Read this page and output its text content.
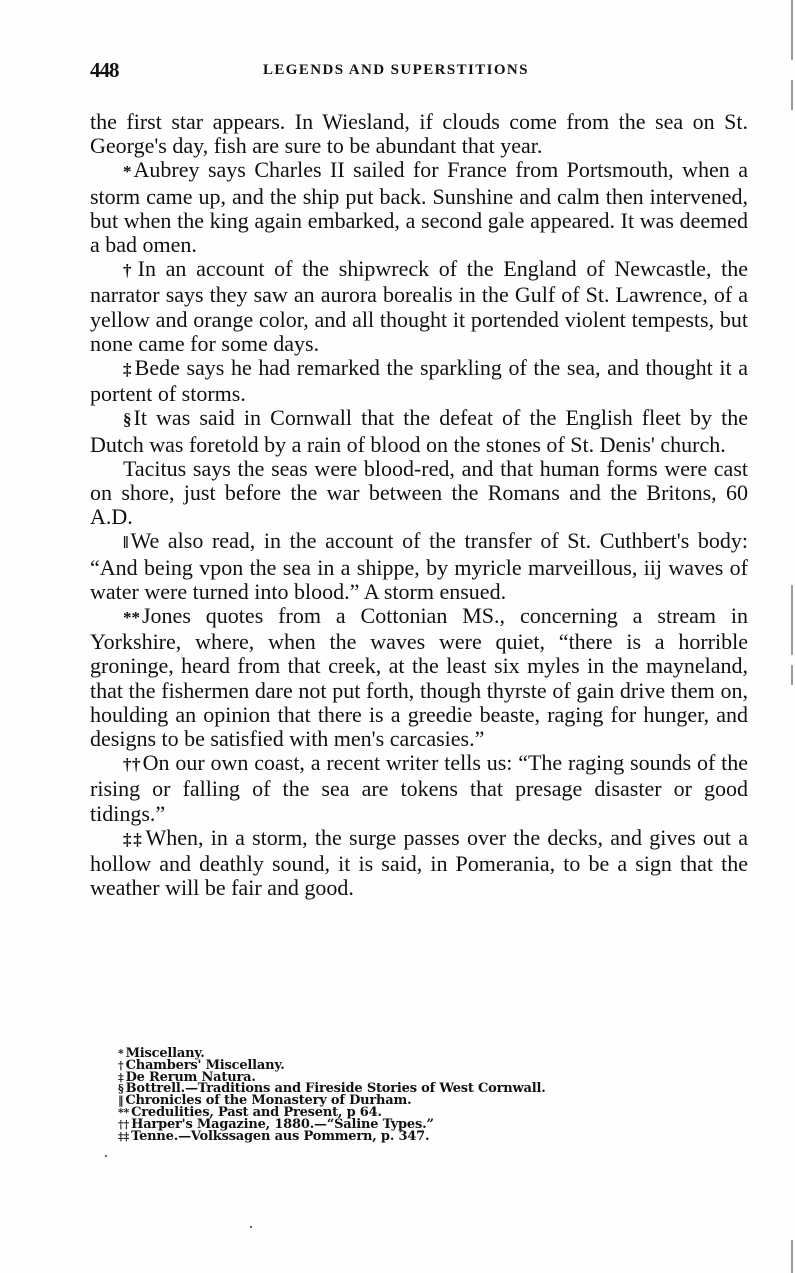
448	LEGENDS AND SUPERSTITIONS

the first star appears. In Wiesland, if clouds come from the sea on St. George's day, fish are sure to be abundant that year.

*Aubrey says Charles II sailed for France from Portsmouth, when a storm came up, and the ship put back. Sunshine and calm then intervened, but when the king again embarked, a second gale appeared. It was deemed a bad omen.

†In an account of the shipwreck of the England of Newcastle, the narrator says they saw an aurora borealis in the Gulf of St. Lawrence, of a yellow and orange color, and all thought it portended violent tempests, but none came for some days.

‡Bede says he had remarked the sparkling of the sea, and thought it a portent of storms.

§It was said in Cornwall that the defeat of the English fleet by the Dutch was foretold by a rain of blood on the stones of St. Denis' church.

Tacitus says the seas were blood-red, and that human forms were cast on shore, just before the war between the Romans and the Britons, 60 A.D.

‖We also read, in the account of the transfer of St. Cuthbert's body: “And being vpon the sea in a shippe, by myricle marveillous, iij waves of water were turned into blood.” A storm ensued.

**Jones quotes from a Cottonian MS., concerning a stream in Yorkshire, where, when the waves were quiet, “there is a horrible groninge, heard from that creek, at the least six myles in the mayneland, that the fishermen dare not put forth, though thyrste of gain drive them on, houlding an opinion that there is a greedie beaste, raging for hunger, and designs to be satisfied with men's carcasies.”

††On our own coast, a recent writer tells us: “The raging sounds of the rising or falling of the sea are tokens that presage disaster or good tidings.”

‡‡When, in a storm, the surge passes over the decks, and gives out a hollow and deathly sound, it is said, in Pomerania, to be a sign that the weather will be fair and good.

* Miscellany.
† Chambers' Miscellany.
‡ De Rerum Natura.
§ Bottrell.—Traditions and Fireside Stories of West Cornwall.
‖ Chronicles of the Monastery of Durham.
** Credulities, Past and Present, p 64.
†† Harper's Magazine, 1880.—“Saline Types.”
‡‡ Tenne.—Volkssagen aus Pommern, p. 347.
